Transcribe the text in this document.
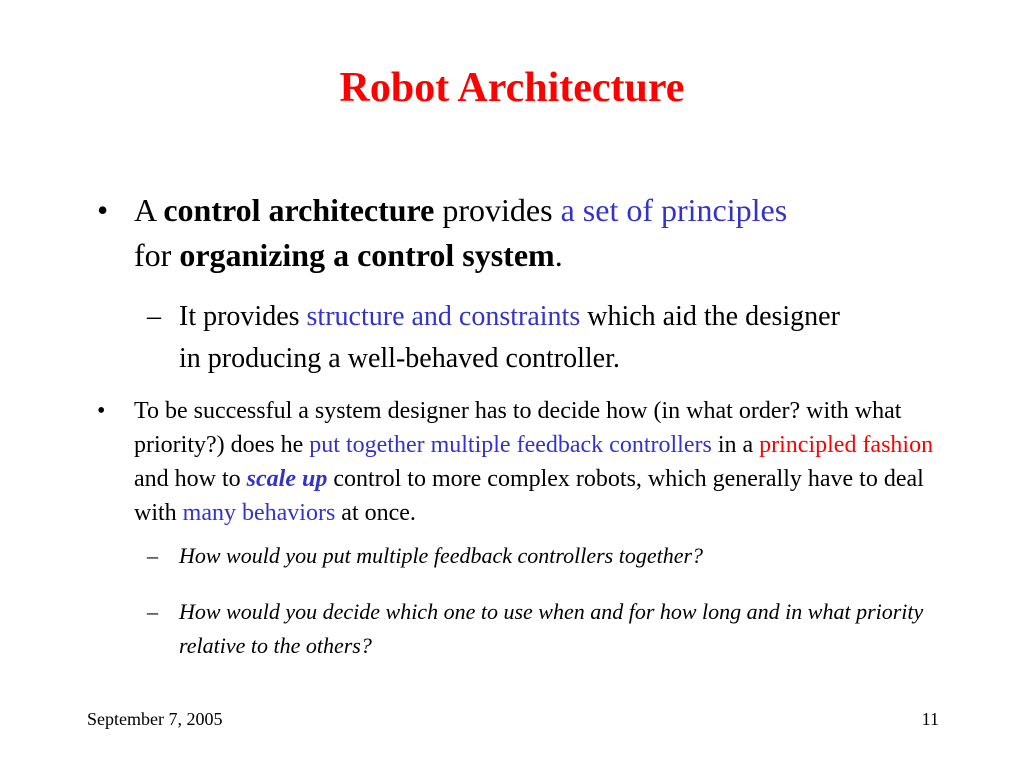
Robot Architecture
• A control architecture provides a set of principles for organizing a control system.
– It provides structure and constraints which aid the designer in producing a well-behaved controller.
•	To be successful a system designer has to decide how (in what order? with what priority?) does he put together multiple feedback controllers in a principled fashion and how to scale up control to more complex robots, which generally have to deal with many behaviors at once.
– How would you put multiple feedback controllers together?
– How would you decide which one to use when and for how long and in what priority relative to the others?
September 7, 2005	11
